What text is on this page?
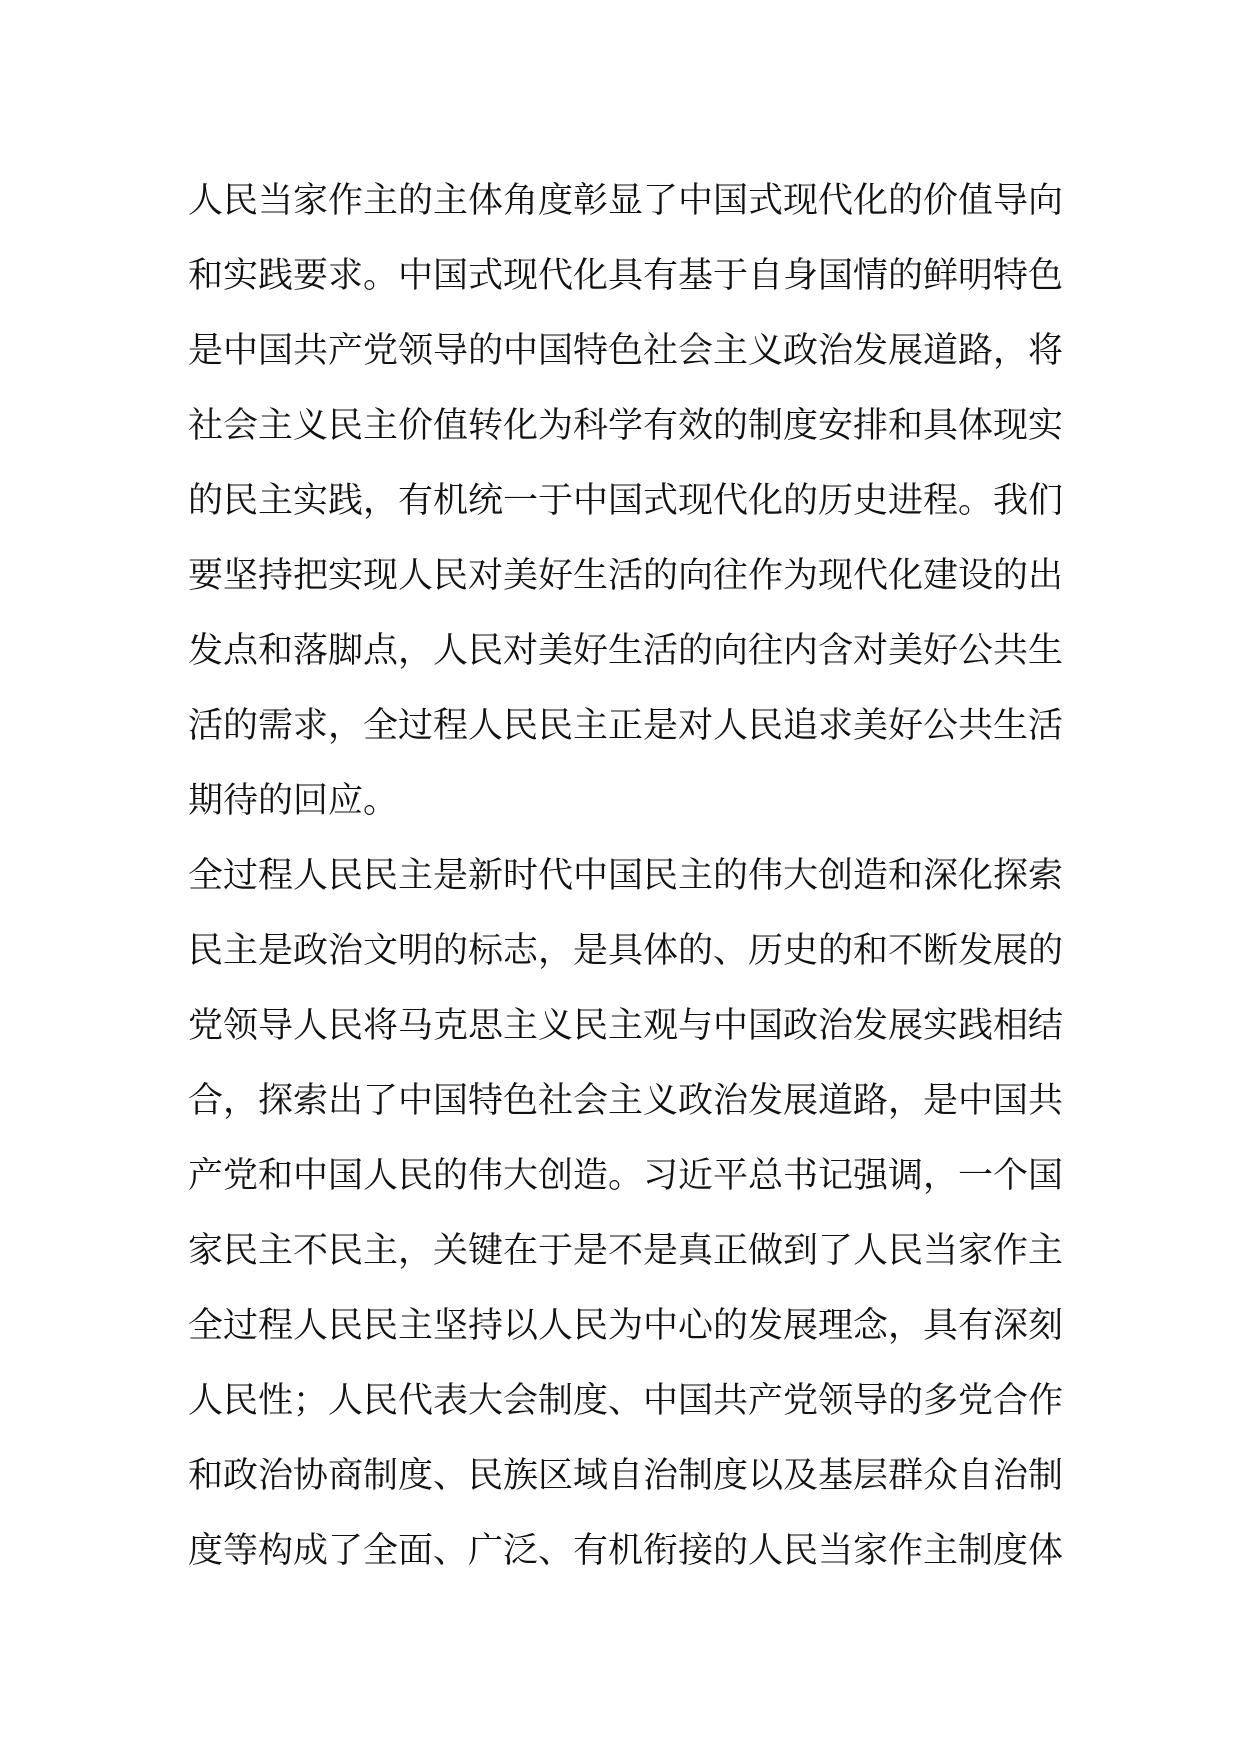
人民当家作主的主体角度彰显了中国式现代化的价值导向
和实践要求。中国式现代化具有基于自身国情的鲜明特色
是中国共产党领导的中国特色社会主义政治发展道路，将
社会主义民主价值转化为科学有效的制度安排和具体现实
的民主实践，有机统一于中国式现代化的历史进程。我们
要坚持把实现人民对美好生活的向往作为现代化建设的出
发点和落脚点，人民对美好生活的向往内含对美好公共生
活的需求，全过程人民民主正是对人民追求美好公共生活
期待的回应。

全过程人民民主是新时代中国民主的伟大创造和深化探索
民主是政治文明的标志，是具体的、历史的和不断发展的
党领导人民将马克思主义民主观与中国政治发展实践相结
合，探索出了中国特色社会主义政治发展道路，是中国共
产党和中国人民的伟大创造。习近平总书记强调，一个国
家民主不民主，关键在于是不是真正做到了人民当家作主
全过程人民民主坚持以人民为中心的发展理念，具有深刻
人民性；人民代表大会制度、中国共产党领导的多党合作
和政治协商制度、民族区域自治制度以及基层群众自治制
度等构成了全面、广泛、有机衔接的人民当家作主制度体
